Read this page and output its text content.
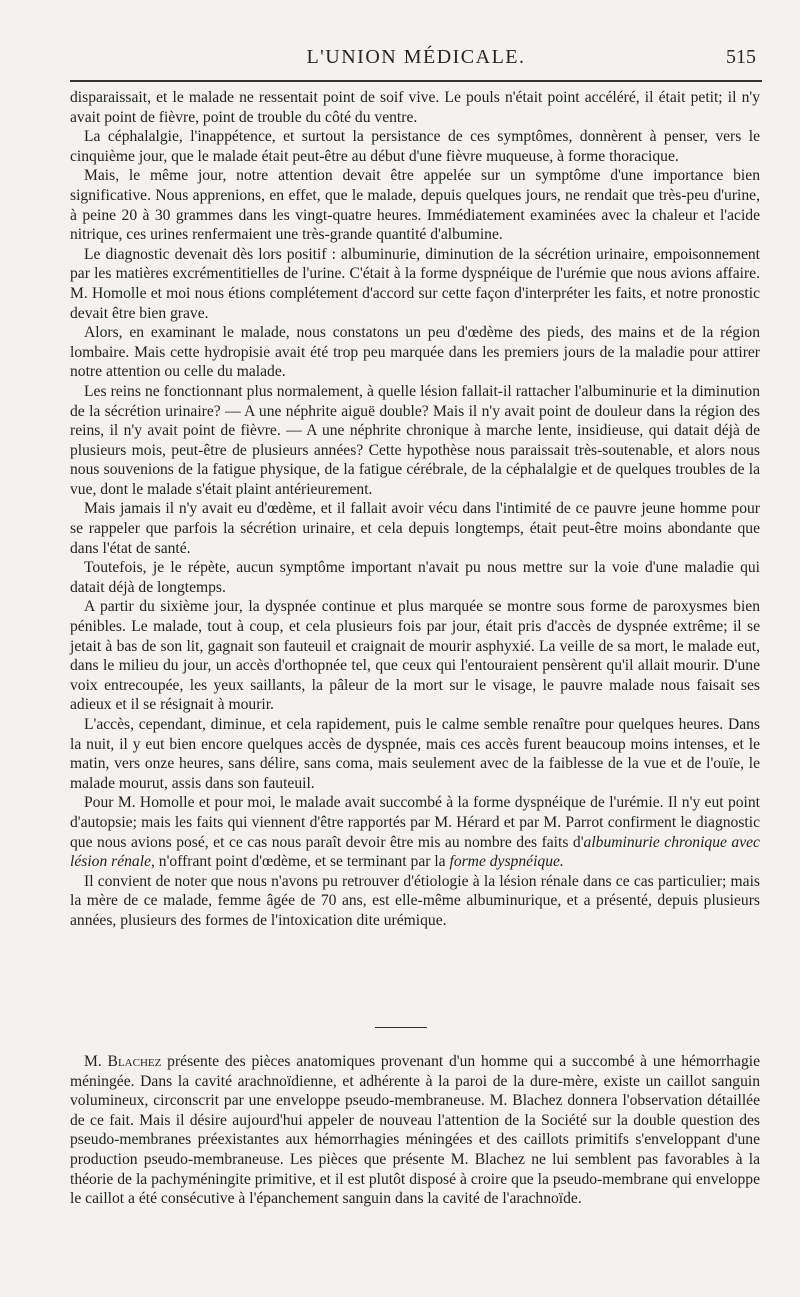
L'UNION MÉDICALE.	515

disparaissait, et le malade ne ressentait point de soif vive. Le pouls n'était point accéléré, il était petit; il n'y avait point de fièvre, point de trouble du côté du ventre.

La céphalalgie, l'inappétence, et surtout la persistance de ces symptômes, donnèrent à penser, vers le cinquième jour, que le malade était peut-être au début d'une fièvre muqueuse, à forme thoracique.

Mais, le même jour, notre attention devait être appelée sur un symptôme d'une importance bien significative. Nous apprenions, en effet, que le malade, depuis quelques jours, ne rendait que très-peu d'urine, à peine 20 à 30 grammes dans les vingt-quatre heures. Immédiatement examinées avec la chaleur et l'acide nitrique, ces urines renfermaient une très-grande quantité d'albumine.

Le diagnostic devenait dès lors positif : albuminurie, diminution de la sécrétion urinaire, empoisonnement par les matières excrémentitielles de l'urine. C'était à la forme dyspnéique de l'urémie que nous avions affaire. M. Homolle et moi nous étions complétement d'accord sur cette façon d'interpréter les faits, et notre pronostic devait être bien grave.

Alors, en examinant le malade, nous constatons un peu d'œdème des pieds, des mains et de la région lombaire. Mais cette hydropisie avait été trop peu marquée dans les premiers jours de la maladie pour attirer notre attention ou celle du malade.

Les reins ne fonctionnant plus normalement, à quelle lésion fallait-il rattacher l'albuminurie et la diminution de la sécrétion urinaire? — A une néphrite aiguë double? Mais il n'y avait point de douleur dans la région des reins, il n'y avait point de fièvre. — A une néphrite chronique à marche lente, insidieuse, qui datait déjà de plusieurs mois, peut-être de plusieurs années? Cette hypothèse nous paraissait très-soutenable, et alors nous nous souvenions de la fatigue physique, de la fatigue cérébrale, de la céphalalgie et de quelques troubles de la vue, dont le malade s'était plaint antérieurement.

Mais jamais il n'y avait eu d'œdème, et il fallait avoir vécu dans l'intimité de ce pauvre jeune homme pour se rappeler que parfois la sécrétion urinaire, et cela depuis longtemps, était peut-être moins abondante que dans l'état de santé.

Toutefois, je le répète, aucun symptôme important n'avait pu nous mettre sur la voie d'une maladie qui datait déjà de longtemps.

A partir du sixième jour, la dyspnée continue et plus marquée se montre sous forme de paroxysmes bien pénibles. Le malade, tout à coup, et cela plusieurs fois par jour, était pris d'accès de dyspnée extrême; il se jetait à bas de son lit, gagnait son fauteuil et craignait de mourir asphyxié. La veille de sa mort, le malade eut, dans le milieu du jour, un accès d'orthopnée tel, que ceux qui l'entouraient pensèrent qu'il allait mourir. D'une voix entrecoupée, les yeux saillants, la pâleur de la mort sur le visage, le pauvre malade nous faisait ses adieux et il se résignait à mourir.

L'accès, cependant, diminue, et cela rapidement, puis le calme semble renaître pour quelques heures. Dans la nuit, il y eut bien encore quelques accès de dyspnée, mais ces accès furent beaucoup moins intenses, et le matin, vers onze heures, sans délire, sans coma, mais seulement avec de la faiblesse de la vue et de l'ouïe, le malade mourut, assis dans son fauteuil.

Pour M. Homolle et pour moi, le malade avait succombé à la forme dyspnéique de l'urémie. Il n'y eut point d'autopsie; mais les faits qui viennent d'être rapportés par M. Hérard et par M. Parrot confirment le diagnostic que nous avions posé, et ce cas nous paraît devoir être mis au nombre des faits d'albuminurie chronique avec lésion rénale, n'offrant point d'œdème, et se terminant par la forme dyspnéique.

Il convient de noter que nous n'avons pu retrouver d'étiologie à la lésion rénale dans ce cas particulier; mais la mère de ce malade, femme âgée de 70 ans, est elle-même albuminurique, et a présenté, depuis plusieurs années, plusieurs des formes de l'intoxication dite urémique.

M. Blachez présente des pièces anatomiques provenant d'un homme qui a succombé à une hémorrhagie méningée. Dans la cavité arachnoïdienne, et adhérente à la paroi de la dure-mère, existe un caillot sanguin volumineux, circonscrit par une enveloppe pseudo-membraneuse. M. Blachez donnera l'observation détaillée de ce fait. Mais il désire aujourd'hui appeler de nouveau l'attention de la Société sur la double question des pseudo-membranes préexistantes aux hémorrhagies méningées et des caillots primitifs s'enveloppant d'une production pseudo-membraneuse. Les pièces que présente M. Blachez ne lui semblent pas favorables à la théorie de la pachyméningite primitive, et il est plutôt disposé à croire que la pseudo-membrane qui enveloppe le caillot a été consécutive à l'épanchement sanguin dans la cavité de l'arachnoïde.
